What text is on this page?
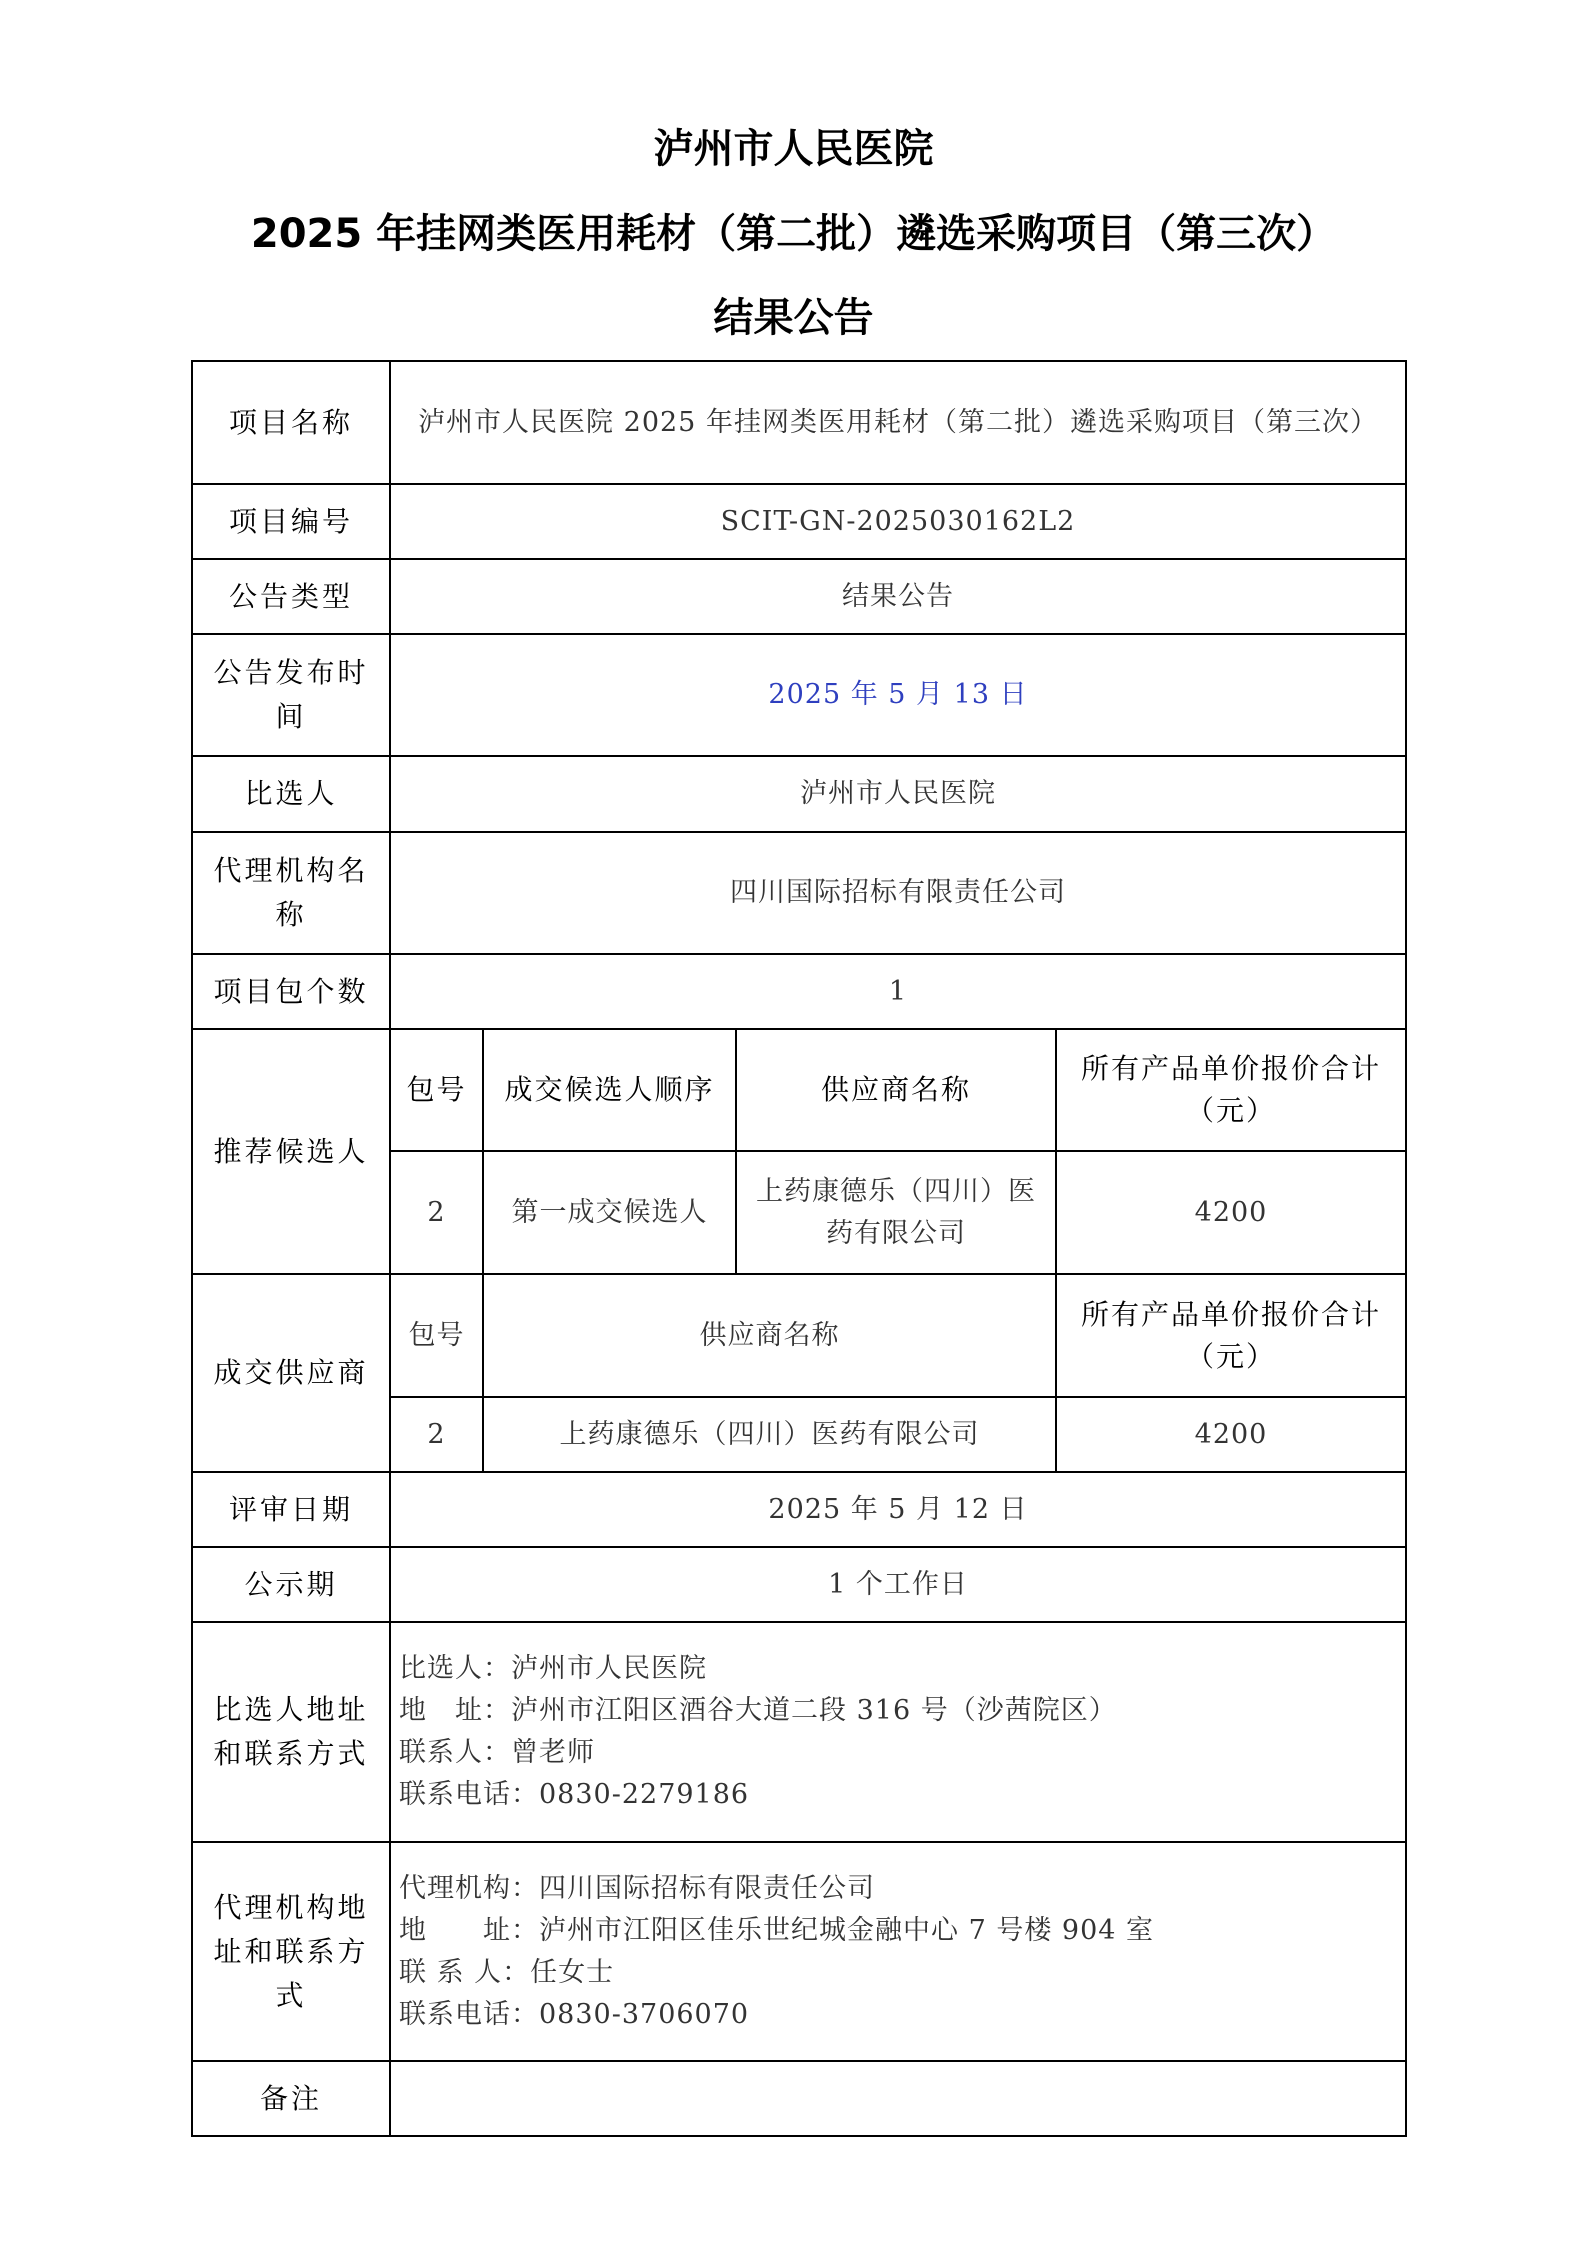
泸州市人民医院
2025 年挂网类医用耗材（第二批）遴选采购项目（第三次）
结果公告
项目名称	泸州市人民医院 2025 年挂网类医用耗材（第二批）遴选采购项目（第三次）			
项目编号	SCIT-GN-2025030162L2			
公告类型	结果公告			
公告发布时间	2025 年 5 月 13 日			
比选人	泸州市人民医院			
代理机构名称	四川国际招标有限责任公司			
项目包个数	1			
推荐候选人	包号	成交候选人顺序	供应商名称	所有产品单价报价合计（元）
	2	第一成交候选人	上药康德乐（四川）医药有限公司	4200
成交供应商	包号	供应商名称		所有产品单价报价合计（元）
	2	上药康德乐（四川）医药有限公司		4200
评审日期	2025 年 5 月 12 日			
公示期	1 个工作日			
比选人地址和联系方式	比选人：泸州市人民医院
地　址：泸州市江阳区酒谷大道二段 316 号（沙茜院区）
联系人：曾老师
联系电话：0830-2279186			

代理机构地址和联系方式	代理机构：四川国际招标有限责任公司
地　　址：泸州市江阳区佳乐世纪城金融中心 7 号楼 904 室
联 系 人：任女士
联系电话：0830-3706070			

备注				
